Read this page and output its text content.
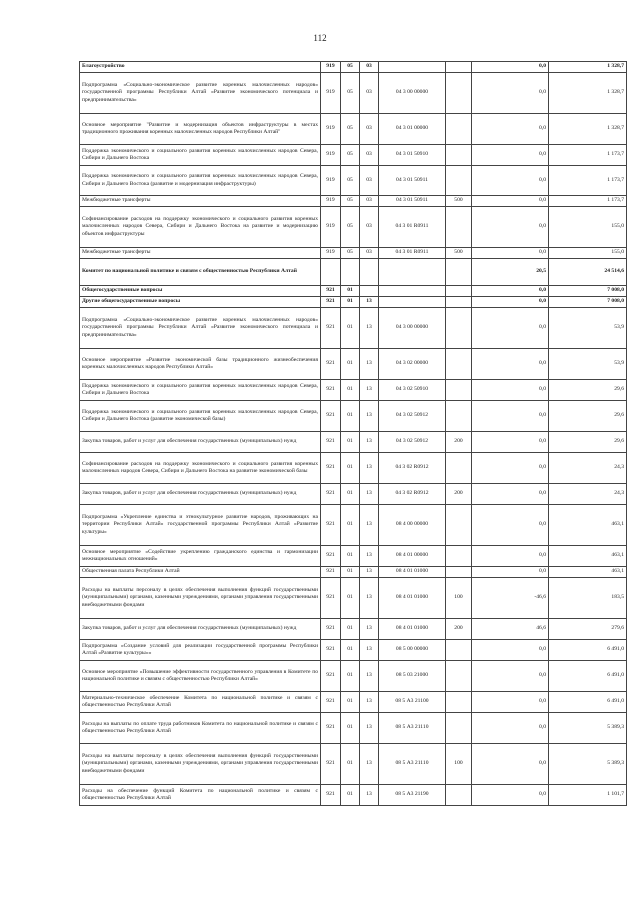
112
Благоустройство	919	05	03			0,0	1 328,7
Подпрограмма «Социально-экономическое развитие коренных малочисленных народов» государственной программы Республики Алтай «Развитие экономического потенциала и предпринимательства»	919	05	03	04 3 00 00000		0,0	1 328,7
Основное мероприятие "Развитие и модернизация объектов инфраструктуры в местах традиционного проживания коренных малочисленных народов Республики Алтай"	919	05	03	04 3 01 00000		0,0	1 328,7
Поддержка экономического и социального развития коренных малочисленных народов Севера, Сибири и Дальнего Востока	919	05	03	04 3 01 50910		0,0	1 173,7
Поддержка экономического и социального развития коренных малочисленных народов Севера, Сибири и Дальнего Востока (развитие и модернизация инфраструктуры)	919	05	03	04 3 01 50911		0,0	1 173,7
Межбюджетные трансферты	919	05	03	04 3 01 50911	500	0,0	1 173,7
Софинансирование расходов на поддержку экономического и социального развития коренных малочисленных народов Севера, Сибири и Дальнего Востока на развитие и модернизацию объектов инфраструктуры	919	05	03	04 3 01 R0911		0,0	155,0
Межбюджетные трансферты	919	05	03	04 3 01 R0911	500	0,0	155,0
Комитет по национальной политике и связям с общественностью Республики Алтай						20,5	24 514,6
Общегосударственные вопросы	921	01				0,0	7 008,0
Другие общегосударственные вопросы	921	01	13			0,0	7 008,0
Подпрограмма «Социально-экономическое развитие коренных малочисленных народов» государственной программы Республики Алтай «Развитие экономического потенциала и предпринимательства»	921	01	13	04 3 00 00000		0,0	53,9
Основное мероприятие «Развитие экономической базы традиционного жизнеобеспечения коренных малочисленных народов Республики Алтай»	921	01	13	04 3 02 00000		0,0	53,9
Поддержка экономического и социального развития коренных малочисленных народов Севера, Сибири и Дальнего Востока	921	01	13	04 3 02 50910		0,0	29,6
Поддержка экономического и социального развития коренных малочисленных народов Севера, Сибири и Дальнего Востока (развитие экономической базы)	921	01	13	04 3 02 50912		0,0	29,6
Закупка товаров, работ и услуг для обеспечения государственных (муниципальных) нужд	921	01	13	04 3 02 50912	200	0,0	29,6
Софинансирование расходов на поддержку экономического и социального развития коренных малочисленных народов Севера, Сибири и Дальнего Востока на развитие экономической базы	921	01	13	04 3 02 R0912		0,0	24,3
Закупка товаров, работ и услуг для обеспечения государственных (муниципальных) нужд	921	01	13	04 3 02 R0912	200	0,0	24,3
Подпрограмма «Укрепление единства и этнокультурное развитие народов, проживающих на территории Республики Алтай» государственной программы Республики Алтай «Развитие культуры»	921	01	13	08 4 00 00000		0,0	463,1
Основное мероприятие «Содействие укреплению гражданского единства и гармонизации межнациональных отношений»	921	01	13	08 4 01 00000		0,0	463,1
Общественная палата Республики Алтай	921	01	13	08 4 01 01000		0,0	463,1
Расходы на выплаты персоналу в целях обеспечения выполнения функций государственными (муниципальными) органами, казенными учреждениями, органами управления государственными внебюджетными фондами	921	01	13	08 4 01 01000	100	-46,6	183,5
Закупка товаров, работ и услуг для обеспечения государственных (муниципальных) нужд	921	01	13	08 4 01 01000	200	46,6	279,6
Подпрограмма «Создание условий для реализации государственной программы Республики Алтай «Развитие культуры»»	921	01	13	08 5 00 00000		0,0	6 491,0
Основное мероприятие «Повышение эффективности государственного управления в Комитете по национальной политике и связям с общественностью Республики Алтай»	921	01	13	08 5 03 21000		0,0	6 491,0
Материально-техническое обеспечение Комитета по национальной политике и связям с общественностью Республики Алтай	921	01	13	08 5 А3 21100		0,0	6 491,0
Расходы на выплаты по оплате труда работников Комитета по национальной политике и связям с общественностью Республики Алтай	921	01	13	08 5 А3 21110		0,0	5 389,3
Расходы на выплаты персоналу в целях обеспечения выполнения функций государственными (муниципальными) органами, казенными учреждениями, органами управления государственными внебюджетными фондами	921	01	13	08 5 А3 21110	100	0,0	5 389,3
Расходы на обеспечение функций Комитета по национальной политике и связям с общественностью Республики Алтай	921	01	13	08 5 А3 21190		0,0	1 101,7
